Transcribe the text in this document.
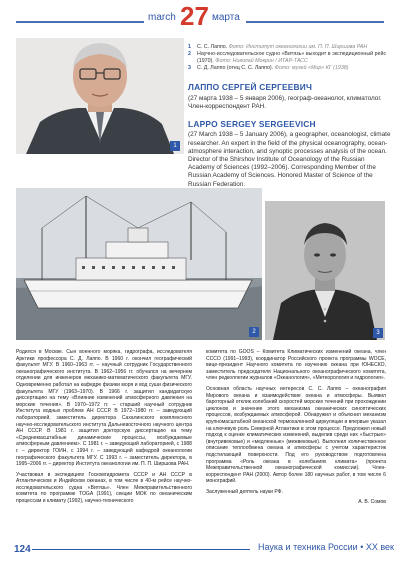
march 27 марта
1
1	С. С. Лаппо. Фото: Институт океанологии им. П. П. Ширшова РАН
2	Научно-исследовательское судно «Витязь» выходит в экспедиционный рейс (1970). Фото: Николай Мокрин / ИТАР-ТАСС
3	С. Д. Лаппо (отец С. С. Лаппо). Фото: музей «Мир» КГ (1938)
ЛАППО СЕРГЕЙ СЕРГЕЕВИЧ
(27 марта 1938 – 5 января 2006), географ-океанолог, климатолог. Член-корреспондент РАН.
LAPPO SERGEY SERGEEVICH
(27 March 1938 – 5 January 2006), a geographer, oceanologist, climate researcher. An expert in the field of the physical oceanography, ocean-atmosphere interaction, and synoptic processes analysis of the ocean. Director of the Shirshov Institute of Oceanology of the Russian Academy of Sciences (1992–2006). Corresponding Member of the Russian Academy of Sciences. Honored Master of Science of the Russian Federation.
2	3

Родился в Москве. Сын военного моряка, гидрографа, исследователя Арктики профессора С. Д. Лаппо. В 1960 г. окончил географический факультет МГУ. В 1960–1963 гг. – научный сотрудник Государственного океанографического института. В 1962–1956 гг. обучался на вечернем отделении для инженеров механико-математического факультета МГУ. Одновременно работал на кафедре физики моря и вод суши физического факультета МГУ (1963–1970). В 1966 г. защитил кандидатскую диссертацию на тему «Влияние изменений атмосферного давления на морские течения». В 1970–1972 гг. – старший научный сотрудник Института водных проблем АН СССР. В 1972–1980 гг. – заведующий лабораторией, заместитель директора Сахалинского комплексного научно-исследовательского института Дальневосточного научного центра АН СССР. В 1981 г. защитил докторскую диссертацию на тему «Среднемасштабные динамические процессы, возбуждаемые атмосферным давлением». С 1981 г. – заведующий лабораторией, с 1988 г. – директор ГОИН, с 1994 г. – заведующий кафедрой океанологии географического факультета МГУ. С 1993 г. – заместитель директора, в 1995–2006 гг. – директор Института океанологии им. П. П. Ширшова РАН.

Участвовал в экспедициях Госкомгидромета СССР и АН СССР в Атлантическом и Индийском океанах, в том числе в 40-м рейсе научно-исследовательского судна «Витязь». Член Межправительственного комитета по программе TOGA (1991), секции МОК по океаническим процессам и климату (1992), научно-технического

комитета по GOOS – Комитета Климатических изменений океана, член CCCO (1991–1993), координатор Российского проекта программы WOCE, вице-президент Научного комитета по изучению океана при ЮНЕСКО, заместитель председателя Национального океанографического комитета, член редколлегии журналов «Океанология», «Метеорология и гидрология».

Основная область научных интересов С. С. Лаппо – океанография Мирового океана и взаимодействие океана и атмосферы. Выявил бароторный отклик колебаний скоростей морских течений при прохождении циклонов и значение этого механизма океанических синоптических процессов, возбуждаемых атмосферой. Обнаружил и объяснил механизм крупномасштабной океанской термохалинной циркуляции и впервые указал на ключевую роль Северной Атлантики в этом процессе. Предложил новый подход к оценке климатических изменений, выделив среди них «быстрые» (внутривековые) и «медленные» (межвековые). Выполнил количественное описание теплообмена океана и атмосферы с учетом характеристик подстилающей поверхности. Под его руководством подготовлена программа «Роль океана в колебаниях климата» (проекта Межправительственной океанографической комиссии). Член-корреспондент РАН (2000). Автор более 180 научных работ, в том числе 6 монографий.

Заслуженный деятель науки РФ.

А. В. Сомов
124	Наука и техника России • XX век
